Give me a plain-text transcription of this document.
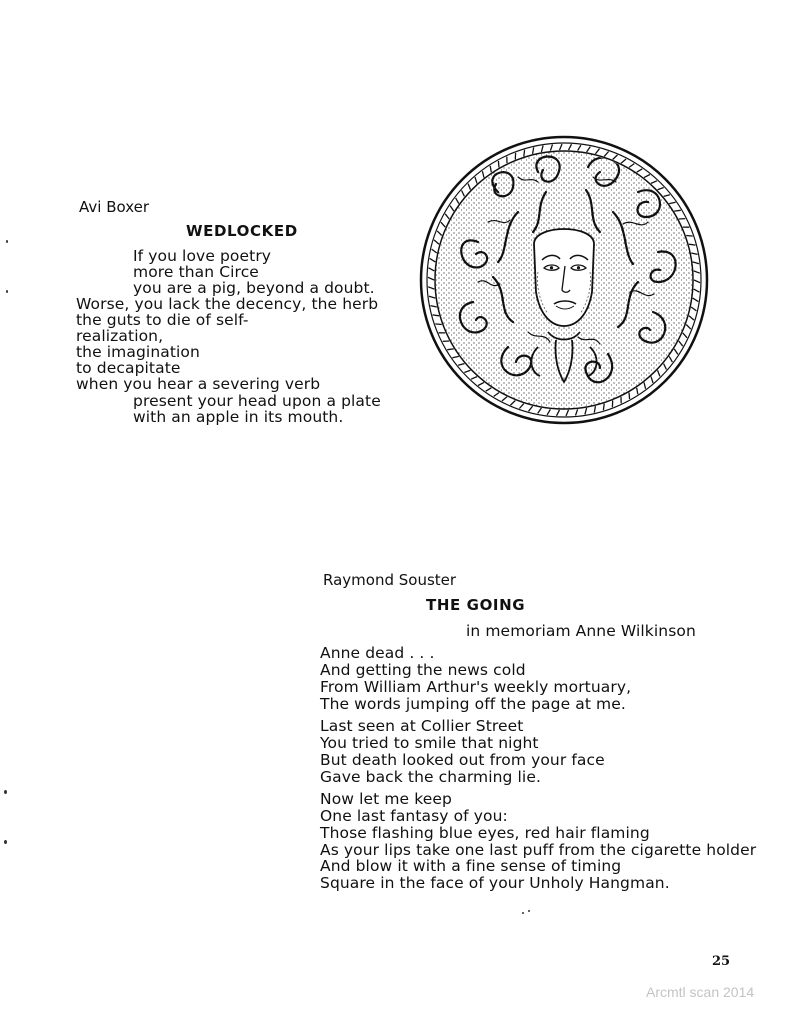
Avi Boxer
WEDLOCKED
If you love poetry
more than Circe
you are a pig, beyond a doubt.
Worse, you lack the decency, the herb
the guts to die of self-
realization,
the imagination
to decapitate
when you hear a severing verb
present your head upon a plate
with an apple in its mouth.
Raymond Souster
THE GOING
in memoriam Anne Wilkinson
Anne dead . . .
And getting the news cold
From William Arthur's weekly mortuary,
The words jumping off the page at me.
Last seen at Collier Street
You tried to smile that night
But death looked out from your face
Gave back the charming lie.
Now let me keep
One last fantasy of you:
Those flashing blue eyes, red hair flaming
As your lips take one last puff from the cigarette holder
And blow it with a fine sense of timing
Square in the face of your Unholy Hangman.
25
Arcmtl scan 2014
